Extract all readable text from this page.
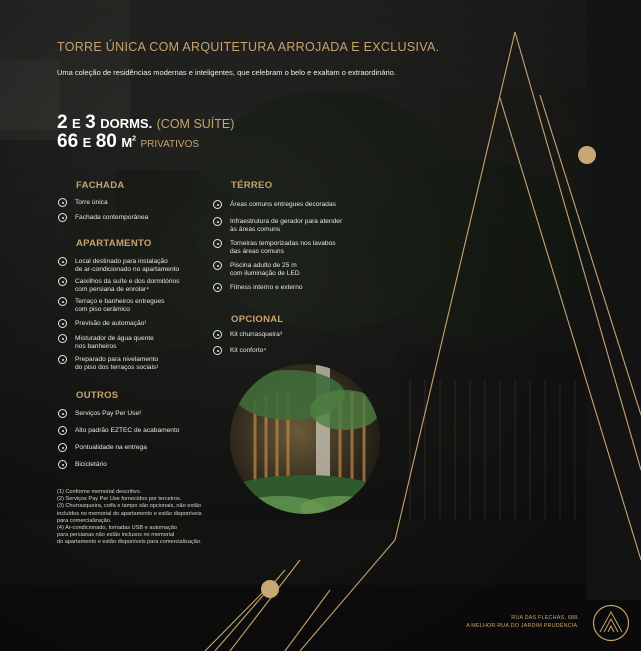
TORRE ÚNICA COM ARQUITETURA ARROJADA E EXCLUSIVA.
Uma coleção de residências modernas e inteligentes, que celebram o belo e exaltam o extraordinário.
2 E 3 DORMS. (COM SUÍTE)
66 E 80 $M^2$ PRIVATIVOS
FACHADA
Torre única
Fachada contemporânea
APARTAMENTO
Local destinado para instalação
de ar-condicionado no apartamento
Caixilhos da suíte e dos dormitórios
com persiana de enrolar⁴
Terraço e banheiros entregues
com piso cerâmico
Previsão de automação¹
Misturador de água quente
nos banheiros
Preparado para nivelamento
do piso dos terraços sociais¹
OUTROS
Serviços Pay Per Use²
Alto padrão EZTEC de acabamento
Pontualidade na entrega
Bicicletário
TÉRREO
Áreas comuns entregues decoradas
Infraestrutura de gerador para atender
às áreas comuns
Torneiras temporizadas nos lavabos
das áreas comuns
Piscina adulto de 25 m
com iluminação de LED
Fitness interno e externo
OPCIONAL
Kit churrasqueira³
Kit conforto⁴
(1) Conforme memorial descritivo.
(2) Serviços Pay Per Use fornecidos por terceiros.
(3) Churrasqueira, coifa e tampo são opcionais, não estão
incluídos no memorial do apartamento e estão disponíveis
para comercialização.
(4) Ar-condicionado, tomadas USB e automação
para persianas não estão inclusos no memorial
do apartamento e estão disponíveis para comercialização.
RUA DAS FLECHAS, 688.
A MELHOR RUA DO JARDIM PRUDÊNCIA.
